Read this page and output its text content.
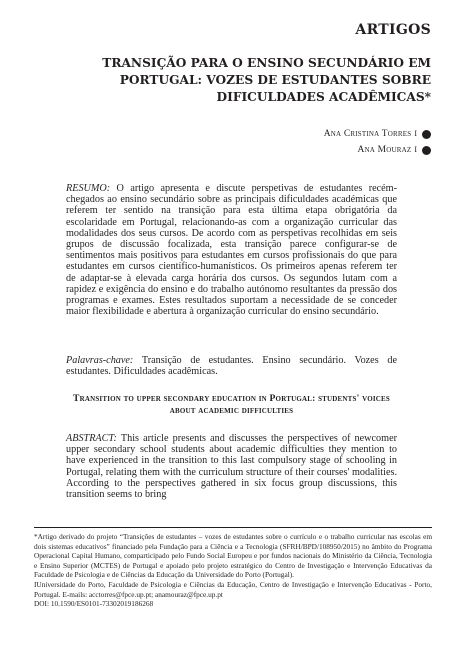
ARTIGOS
TRANSIÇÃO PARA O ENSINO SECUNDÁRIO EM PORTUGAL: VOZES DE ESTUDANTES SOBRE DIFICULDADES ACADÊMICAS*
Ana Cristina Torres I
Ana Mouraz I

RESUMO: O artigo apresenta e discute perspetivas de estudantes recém-chegados ao ensino secundário sobre as principais dificuldades académicas que referem ter sentido na transição para esta última etapa obrigatória da escolaridade em Portugal, relacionando-as com a organização curricular das modalidades dos seus cursos. De acordo com as perspetivas recolhidas em seis grupos de discussão focalizada, esta transição parece configurar-se de sentimentos mais positivos para estudantes em cursos profissionais do que para estudantes em cursos científico-humanísticos. Os primeiros apenas referem ter de adaptar-se à elevada carga horária dos cursos. Os segundos lutam com a rapidez e exigência do ensino e do trabalho autónomo resultantes da pressão dos programas e exames. Estes resultados suportam a necessidade de se conceder maior flexibilidade e abertura à organização curricular do ensino secundário.

Palavras-chave: Transição de estudantes. Ensino secundário. Vozes de estudantes. Dificuldades acadêmicas.

Transition to upper secondary education in Portugal: students' voices about academic difficulties

ABSTRACT: This article presents and discusses the perspectives of newcomer upper secondary school students about academic difficulties they mention to have experienced in the transition to this last compulsory stage of schooling in Portugal, relating them with the curriculum structure of their courses' modalities. According to the perspectives gathered in six focus group discussions, this transition seems to bring

*Artigo derivado do projeto “Transições de estudantes – vozes de estudantes sobre o currículo e o trabalho curricular nas escolas em dois sistemas educativos” financiado pela Fundação para a Ciência e a Tecnologia (SFRH/BPD/108950/2015) no âmbito do Programa Operacional Capital Humano, comparticipado pelo Fundo Social Europeu e por fundos nacionais do Ministério da Ciência, Tecnologia e Ensino Superior (MCTES) de Portugal e apoiado pelo projeto estratégico do Centro de Investigação e Intervenção Educativas da Faculdade de Psicologia e de Ciências da Educação da Universidade do Porto (Portugal).

IUniversidade do Porto, Faculdade de Psicologia e Ciências da Educação, Centro de Investigação e Intervenção Educativas - Porto, Portugal. E-mails: acctorres@fpce.up.pt; anamouraz@fpce.up.pt

DOI: 10.1590/ES0101-73302019186268
